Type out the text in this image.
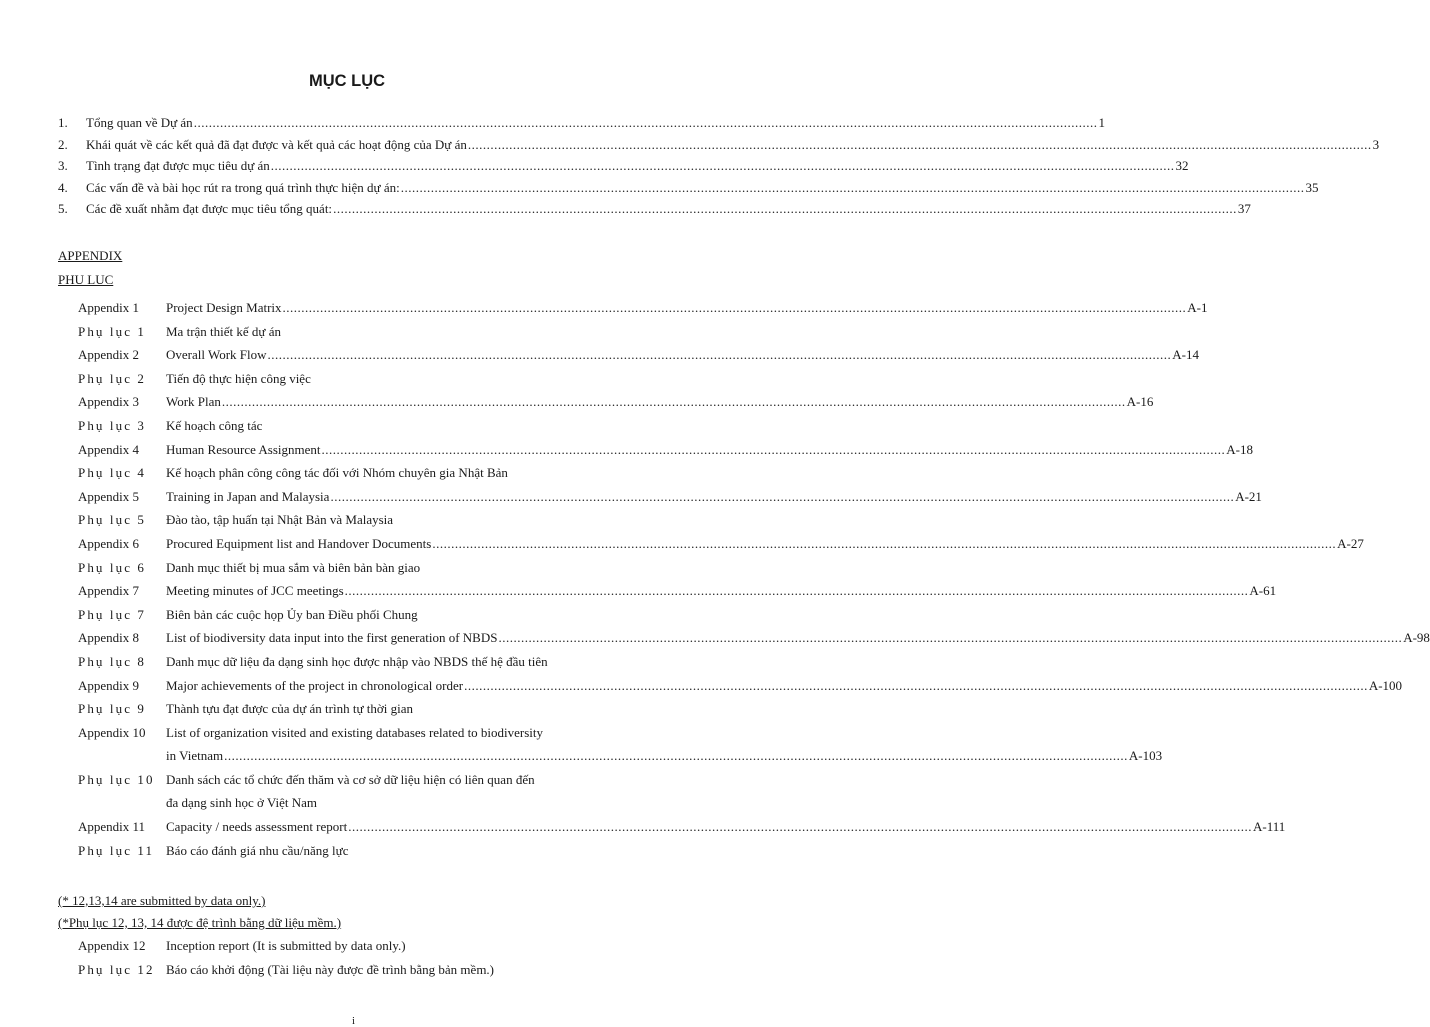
MỤC LỤC
1.	Tổng quan về Dự án .....	1
2.	Khái quát về các kết quả đã đạt được và kết quả các hoạt động của Dự án .....	3
3.	Tình trạng đạt được mục tiêu dự án .....	32
4.	Các vấn đề và bài học rút ra trong quá trình thực hiện dự án: .....	35
5.	Các đề xuất nhằm đạt được mục tiêu tổng quát: .....	37
APPENDIX
PHU LUC
Appendix 1	Project Design Matrix .....	A-1
Phụ lục 1	Ma trận thiết kế dự án
Appendix 2	Overall Work Flow .....	A-14
Phụ lục 2	Tiến độ thực hiện công việc
Appendix 3	Work Plan .....	A-16
Phụ lục 3	Kế hoạch công tác
Appendix 4	Human Resource Assignment .....	A-18
Phụ lục 4	Kế hoạch phân công công tác đối với Nhóm chuyên gia Nhật Bản
Appendix 5	Training in Japan and Malaysia .....	A-21
Phụ lục 5	Đào tào, tập huấn tại Nhật Bản và Malaysia
Appendix 6	Procured Equipment list and Handover Documents .....	A-27
Phụ lục 6	Danh mục thiết bị mua sắm và biên bản bàn giao
Appendix 7	Meeting minutes of JCC meetings .....	A-61
Phụ lục 7	Biên bản các cuộc họp Ủy ban Điều phối Chung
Appendix 8	List of biodiversity data input into the first generation of NBDS .....	A-98
Phụ lục 8	Danh mục dữ liệu đa dạng sinh học được nhập vào NBDS thế hệ đầu tiên
Appendix 9	Major achievements of the project in chronological order .....	A-100
Phụ lục 9	Thành tựu đạt được của dự án trình tự thời gian
Appendix 10	List of organization visited and existing databases related to biodiversity
in Vietnam .....	A-103
Phụ lục 10 Danh sách các tổ chức đến thăm và cơ sở dữ liệu hiện có liên quan đến
đa dạng sinh học ở Việt Nam
Appendix 11	Capacity / needs assessment report .....	A-111
Phụ lục 11 Báo cáo đánh giá nhu cầu/năng lực
(* 12,13,14 are submitted by data only.)
(*Phụ lục 12, 13, 14 được đệ trình bằng dữ liệu mềm.)
Appendix 12	Inception report (It is submitted by data only.)
Phụ lục 12 Báo cáo khởi động (Tài liệu này được đề trình bằng bản mềm.)
i
